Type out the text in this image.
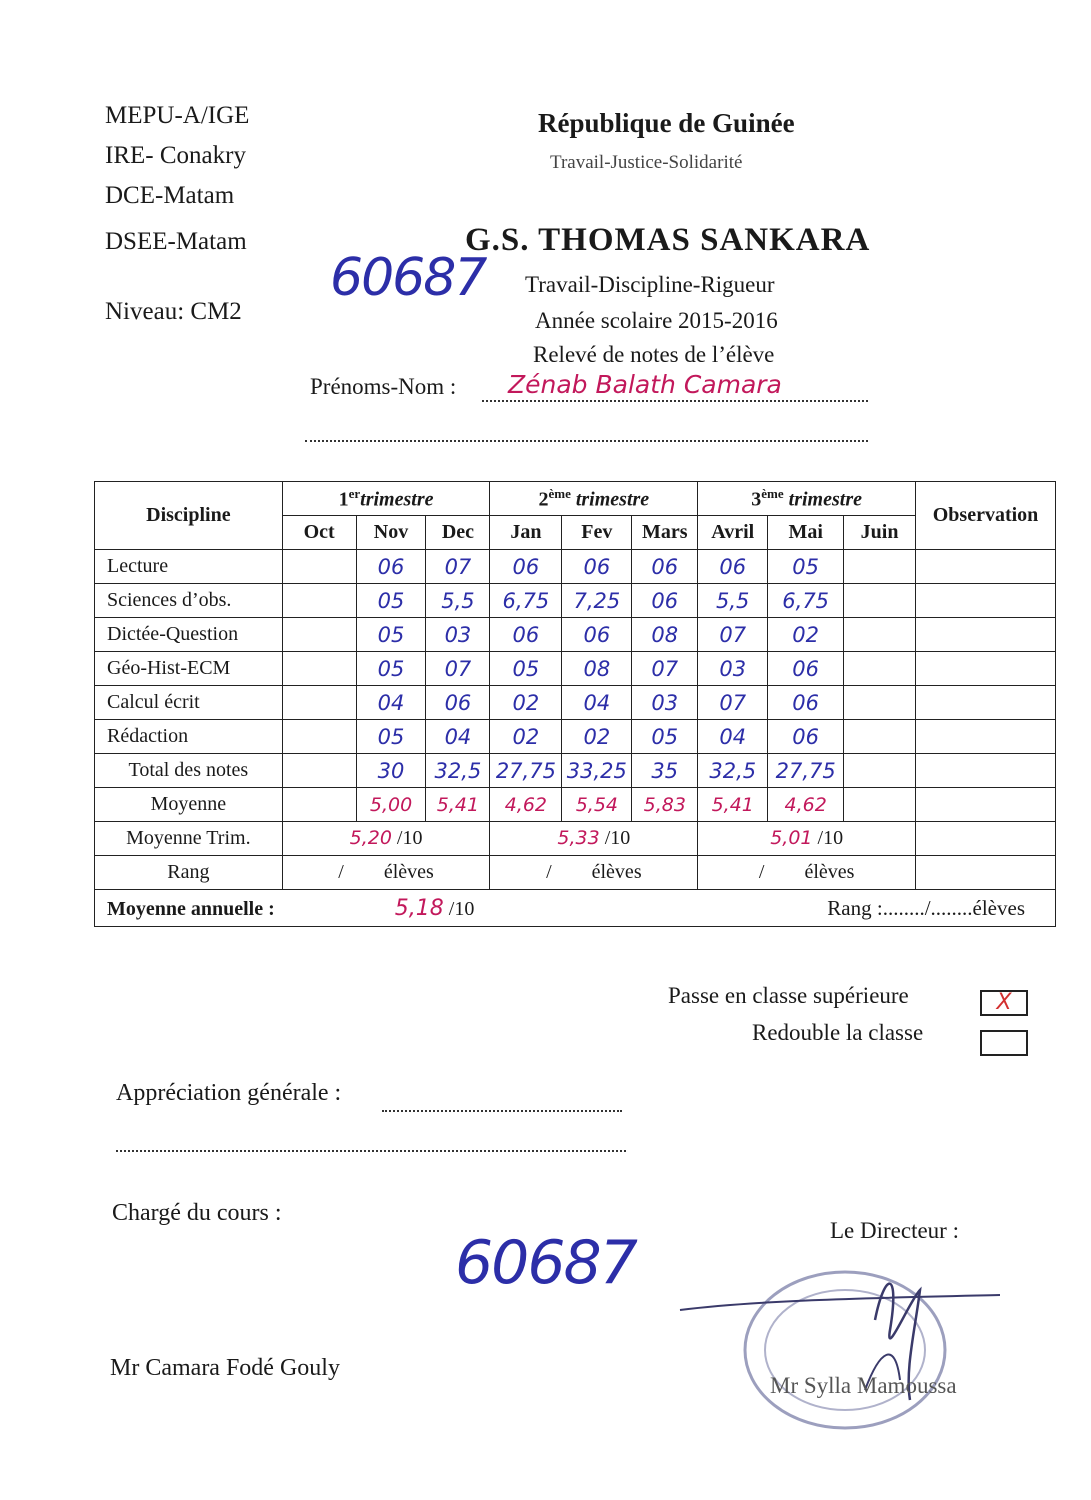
MEPU-A/IGE
IRE- Conakry
DCE-Matam
DSEE-Matam
Niveau: CM2
République de Guinée
Travail-Justice-Solidarité
G.S. THOMAS SANKARA
60687 Travail-Discipline-Rigueur
Année scolaire 2015-2016
Relevé de notes de l’élève
Prénoms-Nom : Zénab Balath Camara
Discipline	1ertrimestre			2ème trimestre			3ème trimestre			Observation
	Oct	Nov	Dec	Jan	Fev	Mars	Avril	Mai	Juin	
Lecture		06	07	06	06	06	06	05		
Sciences d’obs.		05	5,5	6,75	7,25	06	5,5	6,75		
Dictée-Question		05	03	06	06	08	07	02		
Géo-Hist-ECM		05	07	05	08	07	03	06		
Calcul écrit		04	06	02	04	03	07	06		
Rédaction		05	04	02	02	05	04	06		
Total des notes		30	32,5	27,75	33,25	35	32,5	27,75		
Moyenne		5,00	5,41	4,62	5,54	5,83	5,41	4,62		
Moyenne Trim.	5,20 /10			5,33 /10			5,01 /10			
Rang	/ élèves			/ élèves			/ élèves			
Moyenne annuelle : 5,18 /10 Rang :......../........élèves										
Passe en classe supérieure	X
Redouble la classe
Appréciation générale :
Chargé du cours :
60687
Mr Camara Fodé Gouly
Le Directeur :
Mr Sylla Mamoussa
